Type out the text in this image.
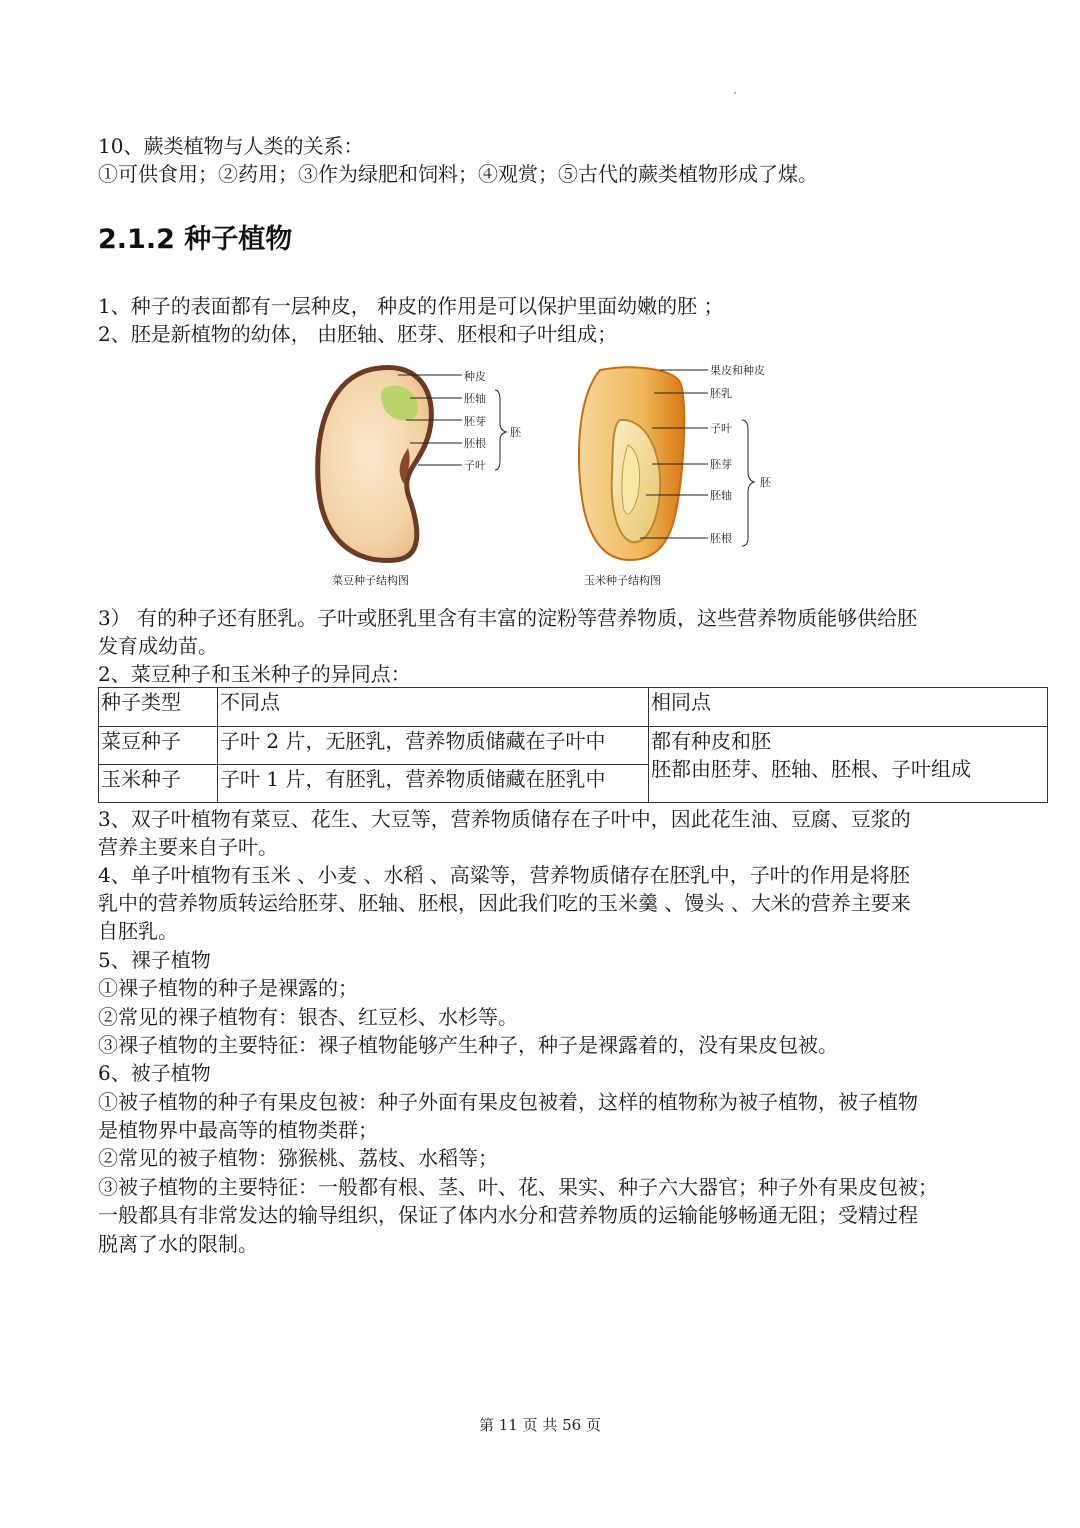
10、蕨类植物与人类的关系：
①可供食用；②药用；③作为绿肥和饲料；④观赏；⑤古代的蕨类植物形成了煤。
2.1.2 种子植物
1、种子的表面都有一层种皮， 种皮的作用是可以保护里面幼嫩的胚 ；
2、胚是新植物的幼体， 由胚轴、胚芽、胚根和子叶组成；
种皮
胚轴
胚芽
胚根
子叶
胚
菜豆种子结构图
果皮和种皮
胚乳
子叶
胚芽
胚轴
胚根
胚
玉米种子结构图
3） 有的种子还有胚乳。子叶或胚乳里含有丰富的淀粉等营养物质，这些营养物质能够供给胚
发育成幼苗。
2、菜豆种子和玉米种子的异同点：
种子类型	不同点	相同点
菜豆种子	子叶 2 片，无胚乳，营养物质储藏在子叶中	都有种皮和胚
胚都由胚芽、胚轴、胚根、子叶组成

玉米种子	子叶 1 片，有胚乳，营养物质储藏在胚乳中	
3、双子叶植物有菜豆、花生、大豆等，营养物质储存在子叶中，因此花生油、豆腐、豆浆的
营养主要来自子叶。
4、单子叶植物有玉米 、小麦 、水稻 、高粱等，营养物质储存在胚乳中，子叶的作用是将胚
乳中的营养物质转运给胚芽、胚轴、胚根，因此我们吃的玉米羹 、馒头 、大米的营养主要来
自胚乳。
5、裸子植物
①裸子植物的种子是裸露的；
②常见的裸子植物有：银杏、红豆杉、水杉等。
③裸子植物的主要特征：裸子植物能够产生种子，种子是裸露着的，没有果皮包被。
6、被子植物
①被子植物的种子有果皮包被：种子外面有果皮包被着，这样的植物称为被子植物，被子植物
是植物界中最高等的植物类群；
②常见的被子植物：猕猴桃、荔枝、水稻等；
③被子植物的主要特征：一般都有根、茎、叶、花、果实、种子六大器官；种子外有果皮包被；
一般都具有非常发达的输导组织，保证了体内水分和营养物质的运输能够畅通无阻；受精过程
脱离了水的限制。
第 11 页 共 56 页
